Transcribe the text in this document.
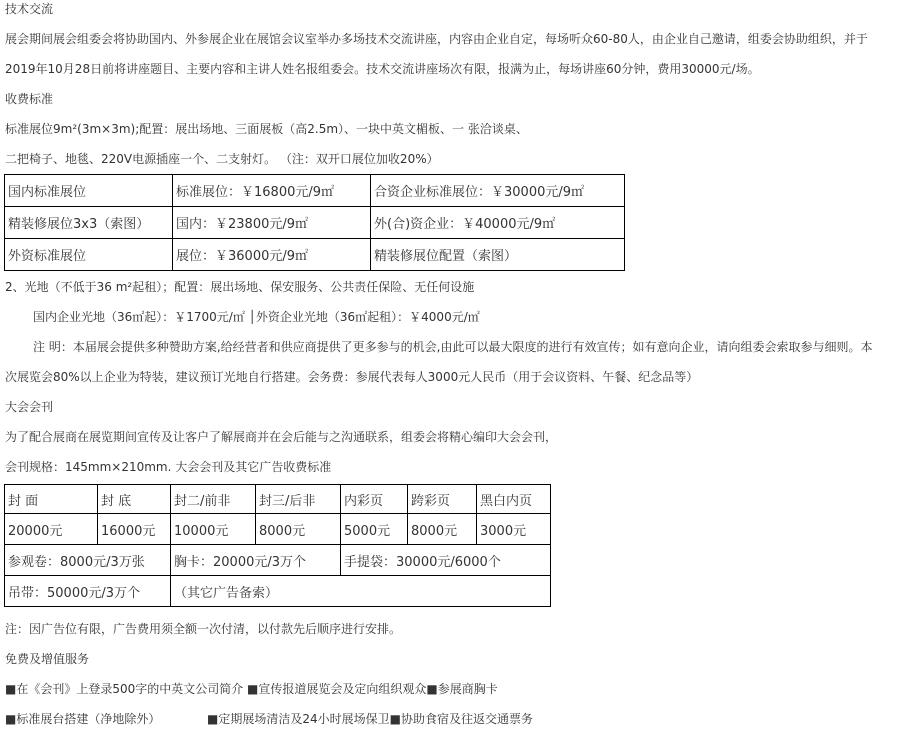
技术交流
展会期间展会组委会将协助国内、外参展企业在展馆会议室举办多场技术交流讲座，内容由企业自定，每场听众60-80人，由企业自己邀请，组委会协助组织，并于
2019年10月28日前将讲座题目、主要内容和主讲人姓名报组委会。技术交流讲座场次有限，报满为止，每场讲座60分钟，费用30000元/场。
收费标准
标准展位9m²(3m×3m);配置：展出场地、三面展板（高2.5m）、一块中英文楣板、一 张洽谈桌、
二把椅子、地毯、220V电源插座一个、二支射灯。 （注：双开口展位加收20%）
国内标准展位	标准展位：￥16800元/9㎡	合资企业标准展位：￥30000元/9㎡
精装修展位3x3（索图）	国内：￥23800元/9㎡	外(合)资企业：￥40000元/9㎡
外资标准展位	展位：￥36000元/9㎡	精装修展位配置（索图）
2、光地（不低于36 m²起租）；配置：展出场地、保安服务、公共责任保险、无任何设施
国内企业光地（36㎡起）：￥1700元/㎡ │外资企业光地（36㎡起租）：￥4000元/㎡
注 明：本届展会提供多种赞助方案,给经营者和供应商提供了更多参与的机会,由此可以最大限度的进行有效宣传；如有意向企业，请向组委会索取参与细则。本
次展览会80%以上企业为特装，建议预订光地自行搭建。会务费：参展代表每人3000元人民币（用于会议资料、午餐、纪念品等）
大会会刊
为了配合展商在展览期间宣传及让客户了解展商并在会后能与之沟通联系，组委会将精心编印大会会刊，
会刊规格：145mm×210mm. 大会会刊及其它广告收费标准
封 面	封 底	封二/前非	封三/后非	内彩页	跨彩页	黑白内页
20000元	16000元	10000元	8000元	5000元	8000元	3000元
参观卷：8000元/3万张		胸卡：20000元/3万个		手提袋：30000元/6000个		
吊带：50000元/3万个		（其它广告备索）				
注：因广告位有限，广告费用须全额一次付清，以付款先后顺序进行安排。
免费及增值服务
■在《会刊》上登录500字的中英文公司简介 ■宣传报道展览会及定向组织观众■参展商胸卡
■标准展台搭建（净地除外）	■定期展场清洁及24小时展场保卫■协助食宿及往返交通票务
